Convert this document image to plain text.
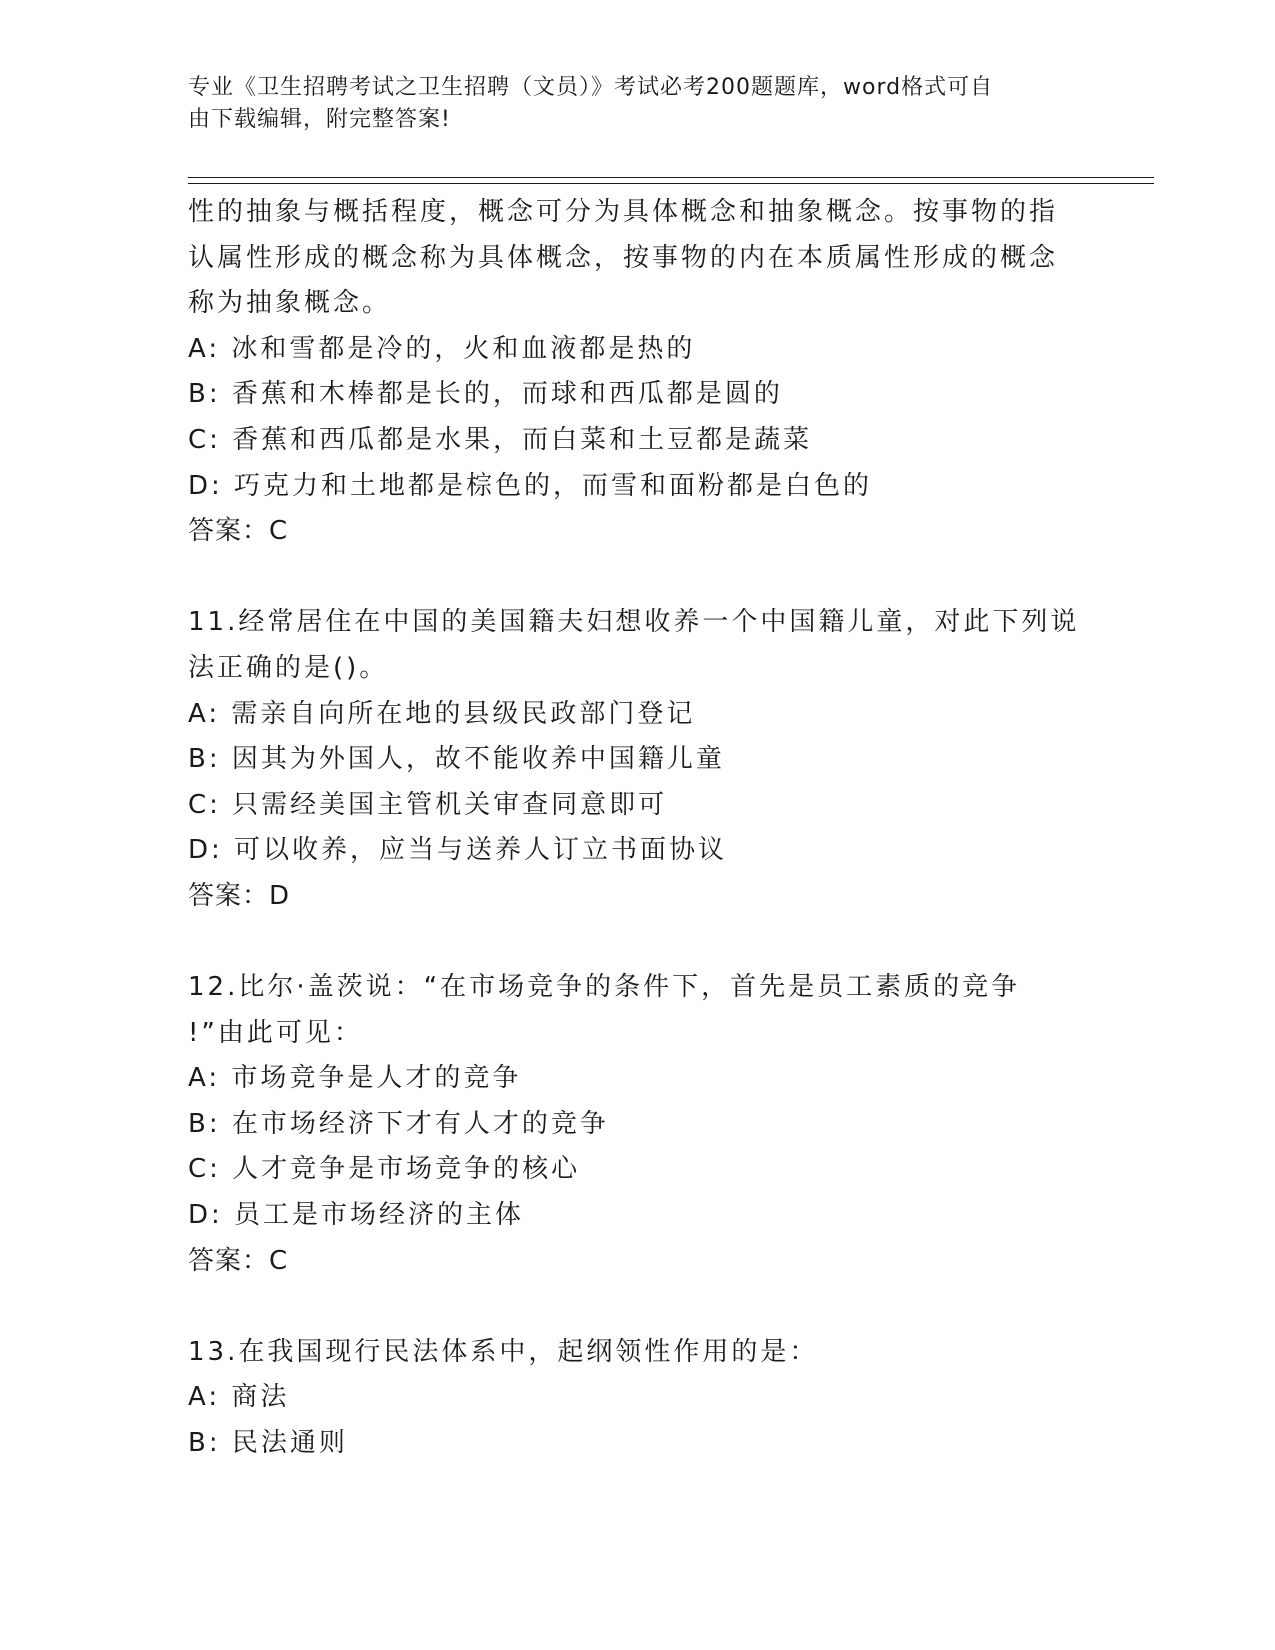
专业《卫生招聘考试之卫生招聘（文员）》考试必考200题题库，word格式可自
由下载编辑，附完整答案!
性的抽象与概括程度，概念可分为具体概念和抽象概念。按事物的指
认属性形成的概念称为具体概念，按事物的内在本质属性形成的概念
称为抽象概念。
A: 冰和雪都是冷的，火和血液都是热的
B: 香蕉和木棒都是长的，而球和西瓜都是圆的
C: 香蕉和西瓜都是水果，而白菜和土豆都是蔬菜
D: 巧克力和土地都是棕色的，而雪和面粉都是白色的
答案：C
11.经常居住在中国的美国籍夫妇想收养一个中国籍儿童，对此下列说
法正确的是()。
A: 需亲自向所在地的县级民政部门登记
B: 因其为外国人，故不能收养中国籍儿童
C: 只需经美国主管机关审查同意即可
D: 可以收养，应当与送养人订立书面协议
答案：D
12.比尔·盖茨说：“在市场竞争的条件下，首先是员工素质的竞争
!”由此可见：
A: 市场竞争是人才的竞争
B: 在市场经济下才有人才的竞争
C: 人才竞争是市场竞争的核心
D: 员工是市场经济的主体
答案：C
13.在我国现行民法体系中，起纲领性作用的是：
A: 商法
B: 民法通则
